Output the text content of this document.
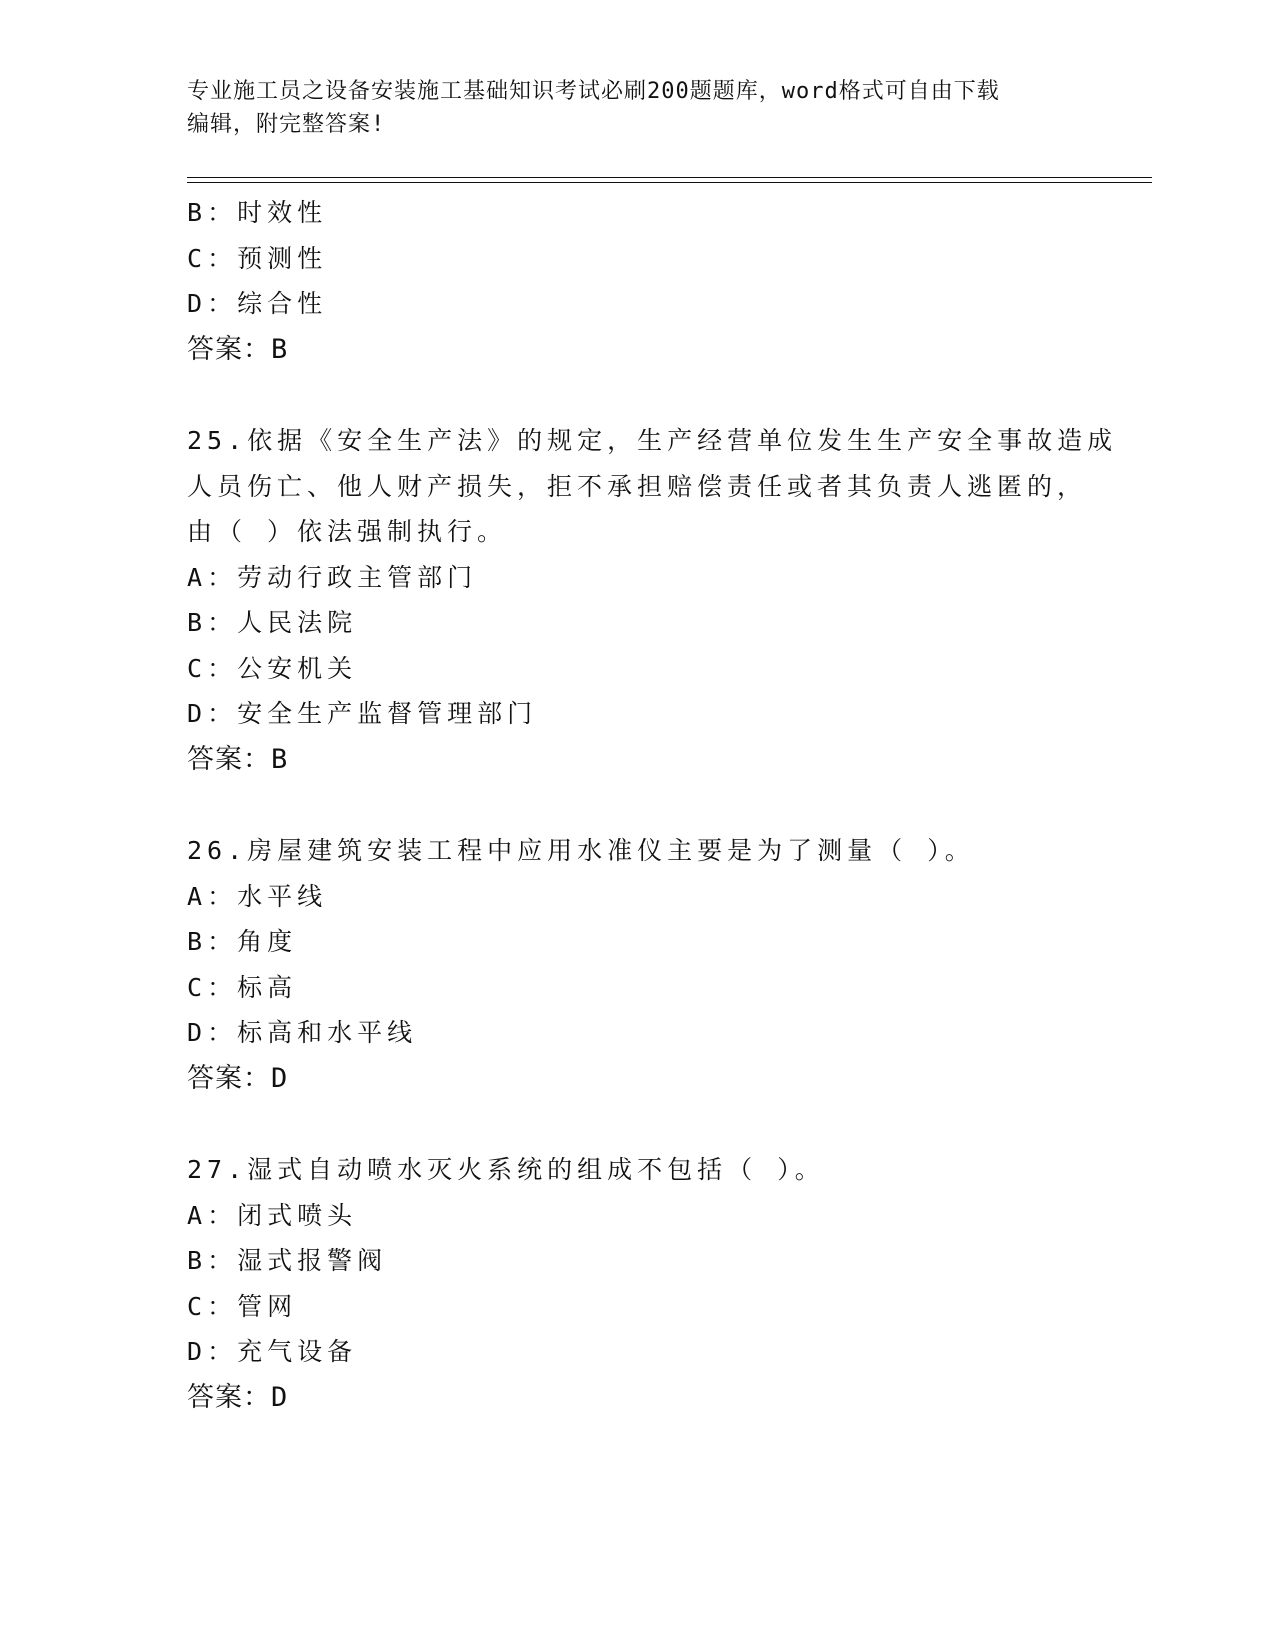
专业施工员之设备安装施工基础知识考试必刷200题题库，word格式可自由下载
编辑，附完整答案!
B：时效性
C：预测性
D：综合性
答案：B
25.依据《安全生产法》的规定，生产经营单位发生生产安全事故造成
人员伤亡、他人财产损失，拒不承担赔偿责任或者其负责人逃匿的，
由（ ）依法强制执行。
A：劳动行政主管部门
B：人民法院
C：公安机关
D：安全生产监督管理部门
答案：B
26.房屋建筑安装工程中应用水准仪主要是为了测量（ ）。
A：水平线
B：角度
C：标高
D：标高和水平线
答案：D
27.湿式自动喷水灭火系统的组成不包括（ ）。
A：闭式喷头
B：湿式报警阀
C：管网
D：充气设备
答案：D
